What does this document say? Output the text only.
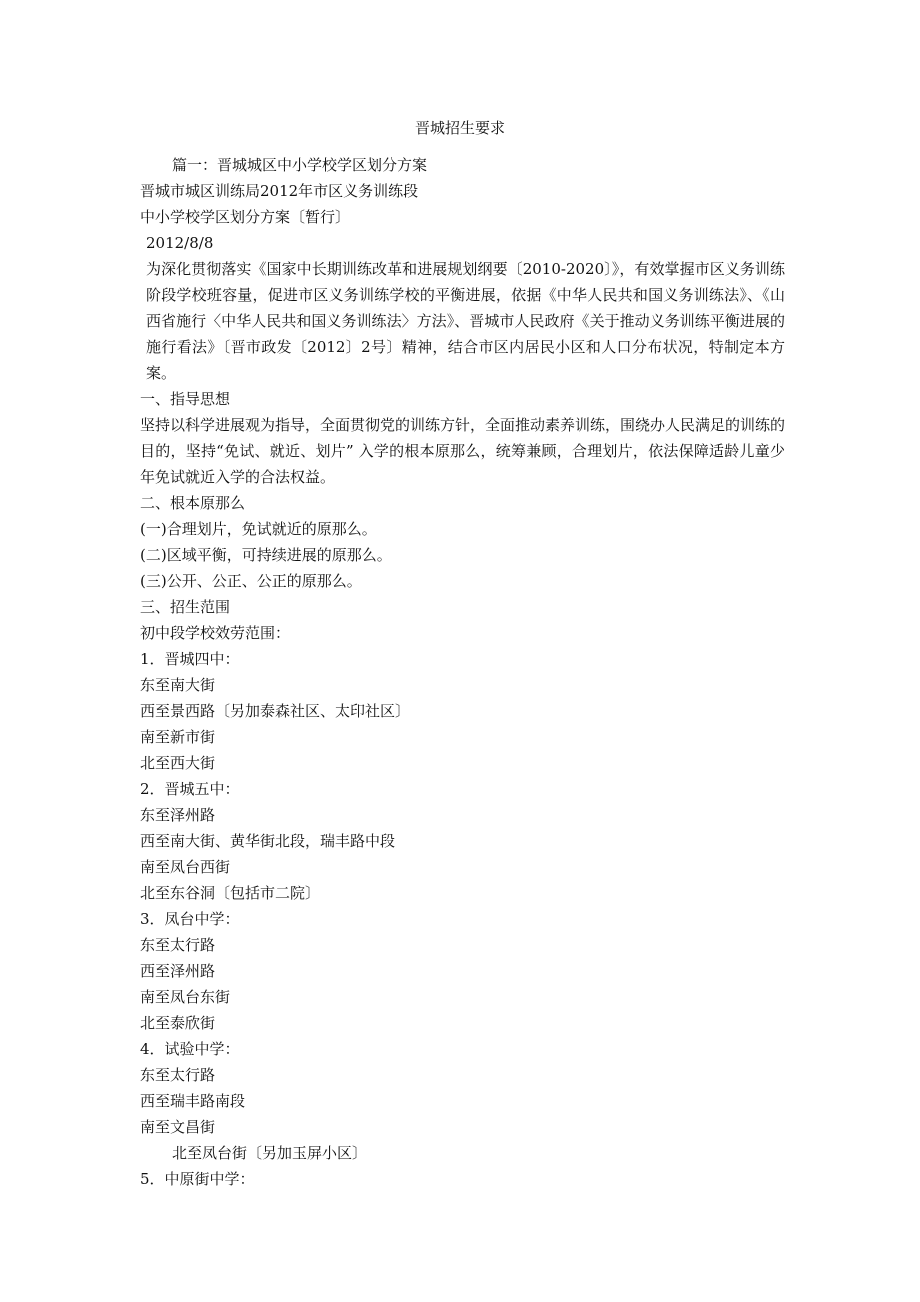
晋城招生要求

篇一：晋城城区中小学校学区划分方案

晋城市城区训练局2012年市区义务训练段

中小学校学区划分方案〔暂行〕

2012/8/8

为深化贯彻落实《国家中长期训练改革和进展规划纲要〔2010-2020〕》，有效掌握市区义务训练阶段学校班容量，促进市区义务训练学校的平衡进展，依据《中华人民共和国义务训练法》、《山西省施行〈中华人民共和国义务训练法〉方法》、晋城市人民政府《关于推动义务训练平衡进展的施行看法》〔晋市政发〔2012〕2号〕精神，结合市区内居民小区和人口分布状况，特制定本方案。

一、指导思想

坚持以科学进展观为指导，全面贯彻党的训练方针，全面推动素养训练，围绕办人民满足的训练的目的，坚持“免试、就近、划片” 入学的根本原那么，统筹兼顾，合理划片，依法保障适龄儿童少年免试就近入学的合法权益。

二、根本原那么

(一)合理划片，免试就近的原那么。

(二)区域平衡，可持续进展的原那么。

(三)公开、公正、公正的原那么。

三、招生范围

初中段学校效劳范围：

1．晋城四中：

东至南大街

西至景西路〔另加泰森社区、太印社区〕

南至新市街

北至西大街

2．晋城五中：

东至泽州路

西至南大街、黄华街北段，瑞丰路中段

南至凤台西街

北至东谷洞〔包括市二院〕

3．凤台中学：

东至太行路

西至泽州路

南至凤台东街

北至泰欣街

4．试验中学：

东至太行路

西至瑞丰路南段

南至文昌街

北至凤台街〔另加玉屏小区〕

5．中原街中学：
